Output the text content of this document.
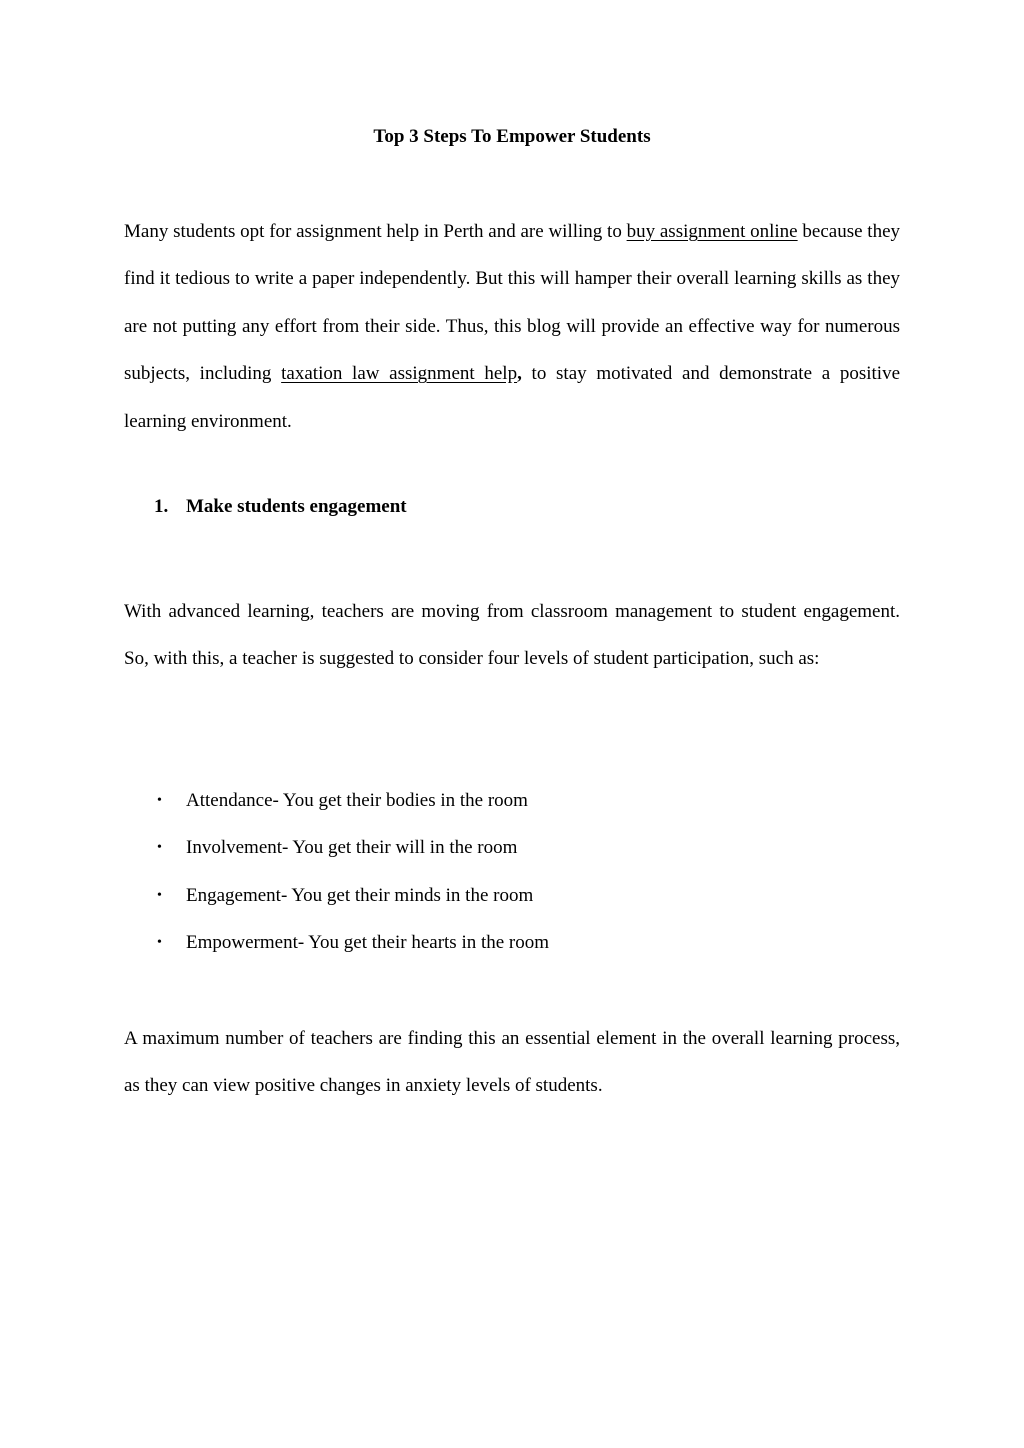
Top 3 Steps To Empower Students

Many students opt for assignment help in Perth and are willing to buy assignment online because they find it tedious to write a paper independently. But this will hamper their overall learning skills as they are not putting any effort from their side. Thus, this blog will provide an effective way for numerous subjects, including taxation law assignment help, to stay motivated and demonstrate a positive learning environment.

1. Make students engagement

With advanced learning, teachers are moving from classroom management to student engagement. So, with this, a teacher is suggested to consider four levels of student participation, such as:

• Attendance- You get their bodies in the room
• Involvement- You get their will in the room
• Engagement- You get their minds in the room
• Empowerment- You get their hearts in the room

A maximum number of teachers are finding this an essential element in the overall learning process, as they can view positive changes in anxiety levels of students.
